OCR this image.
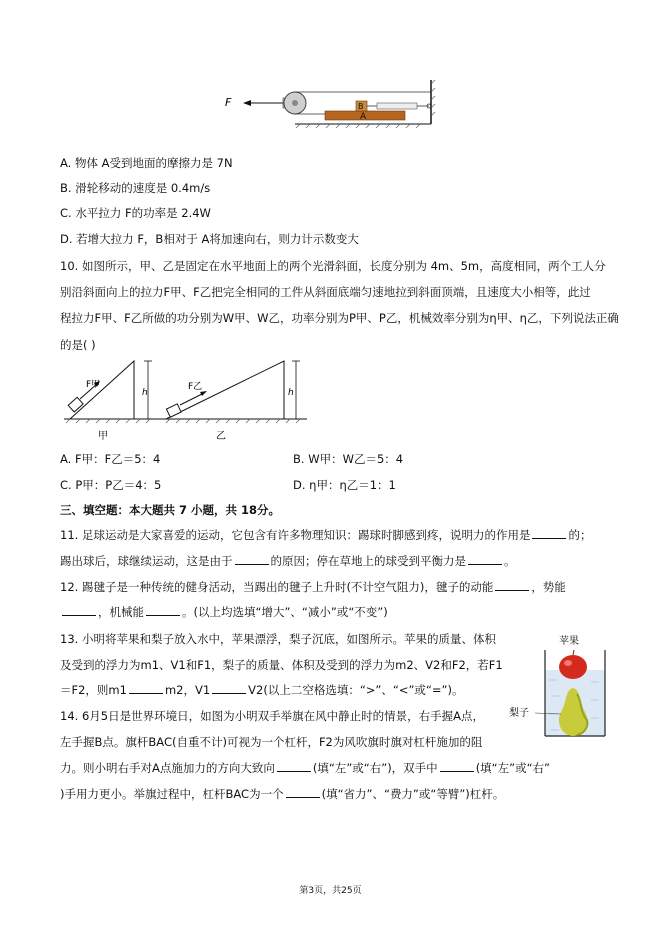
F
A
B
A. 物体 A受到地面的摩擦力是 7N
B. 滑轮移动的速度是 0.4m/s
C. 水平拉力 F的功率是 2.4W
D. 若增大拉力 F，B相对于 A将加速向右，则力计示数变大
10. 如图所示，甲、乙是固定在水平地面上的两个光滑斜面，长度分别为 4m、5m，高度相同，两个工人分
别沿斜面向上的拉力F甲、F乙把完全相同的工件从斜面底端匀速地拉到斜面顶端，且速度大小相等，此过
程拉力F甲、F乙所做的功分别为W甲、W乙，功率分别为P甲、P乙，机械效率分别为η甲、η乙，下列说法正确
的是( )
F甲
h
F乙
h
甲	乙
A. F甲：F乙＝5：4	B. W甲：W乙＝5：4
C. P甲：P乙＝4：5	D. η甲：η乙＝1：1
三、填空题：本大题共 7 小题，共 18分。
11. 足球运动是大家喜爱的运动，它包含有许多物理知识：踢球时脚感到疼，说明力的作用是	的；
踢出球后，球继续运动，这是由于	的原因；停在草地上的球受到平衡力是	。
12. 踢毽子是一种传统的健身活动，当踢出的毽子上升时(不计空气阻力)，毽子的动能	，势能
，机械能	。(以上均选填“增大”、“减小”或“不变”)
13. 小明将苹果和梨子放入水中，苹果漂浮，梨子沉底，如图所示。苹果的质量、体积
及受到的浮力为m1、V1和F1，梨子的质量、体积及受到的浮力为m2、V2和F2，若F1
＝F2，则m1	m2，V1	V2(以上二空格选填：“>”、“<”或“=”)。
苹果
梨子
14. 6月5日是世界环境日，如图为小明双手举旗在风中静止时的情景，右手握A点，
左手握B点。旗杆BAC(自重不计)可视为一个杠杆，F2为风吹旗时旗对杠杆施加的阻
力。则小明右手对A点施加力的方向大致向	(填“左”或“右”)，双手中	(填“左”或“右”
)手用力更小。举旗过程中，杠杆BAC为一个	(填“省力”、“费力”或“等臂”)杠杆。
第3页，共25页
